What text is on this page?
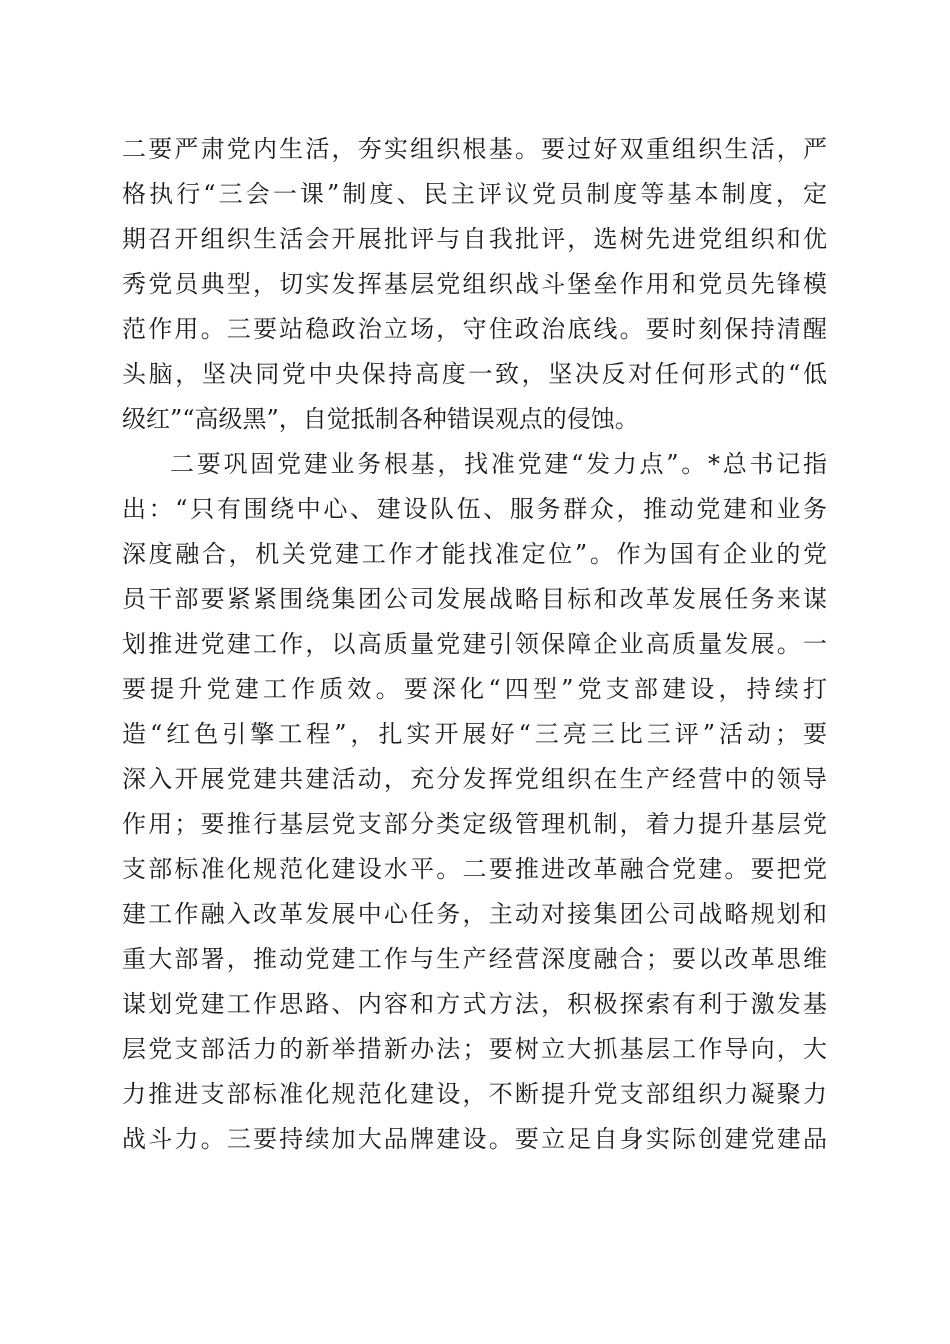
二要严肃党内生活，夯实组织根基。要过好双重组织生活，严
格执行“三会一课”制度、民主评议党员制度等基本制度，定
期召开组织生活会开展批评与自我批评，选树先进党组织和优
秀党员典型，切实发挥基层党组织战斗堡垒作用和党员先锋模
范作用。三要站稳政治立场，守住政治底线。要时刻保持清醒
头脑，坚决同党中央保持高度一致，坚决反对任何形式的“低
级红”“高级黑”，自觉抵制各种错误观点的侵蚀。
二要巩固党建业务根基，找准党建“发力点”。*总书记指
出：“只有围绕中心、建设队伍、服务群众，推动党建和业务
深度融合，机关党建工作才能找准定位”。作为国有企业的党
员干部要紧紧围绕集团公司发展战略目标和改革发展任务来谋
划推进党建工作，以高质量党建引领保障企业高质量发展。一
要提升党建工作质效。要深化“四型”党支部建设，持续打
造“红色引擎工程”，扎实开展好“三亮三比三评”活动；要
深入开展党建共建活动，充分发挥党组织在生产经营中的领导
作用；要推行基层党支部分类定级管理机制，着力提升基层党
支部标准化规范化建设水平。二要推进改革融合党建。要把党
建工作融入改革发展中心任务，主动对接集团公司战略规划和
重大部署，推动党建工作与生产经营深度融合；要以改革思维
谋划党建工作思路、内容和方式方法，积极探索有利于激发基
层党支部活力的新举措新办法；要树立大抓基层工作导向，大
力推进支部标准化规范化建设，不断提升党支部组织力凝聚力
战斗力。三要持续加大品牌建设。要立足自身实际创建党建品
